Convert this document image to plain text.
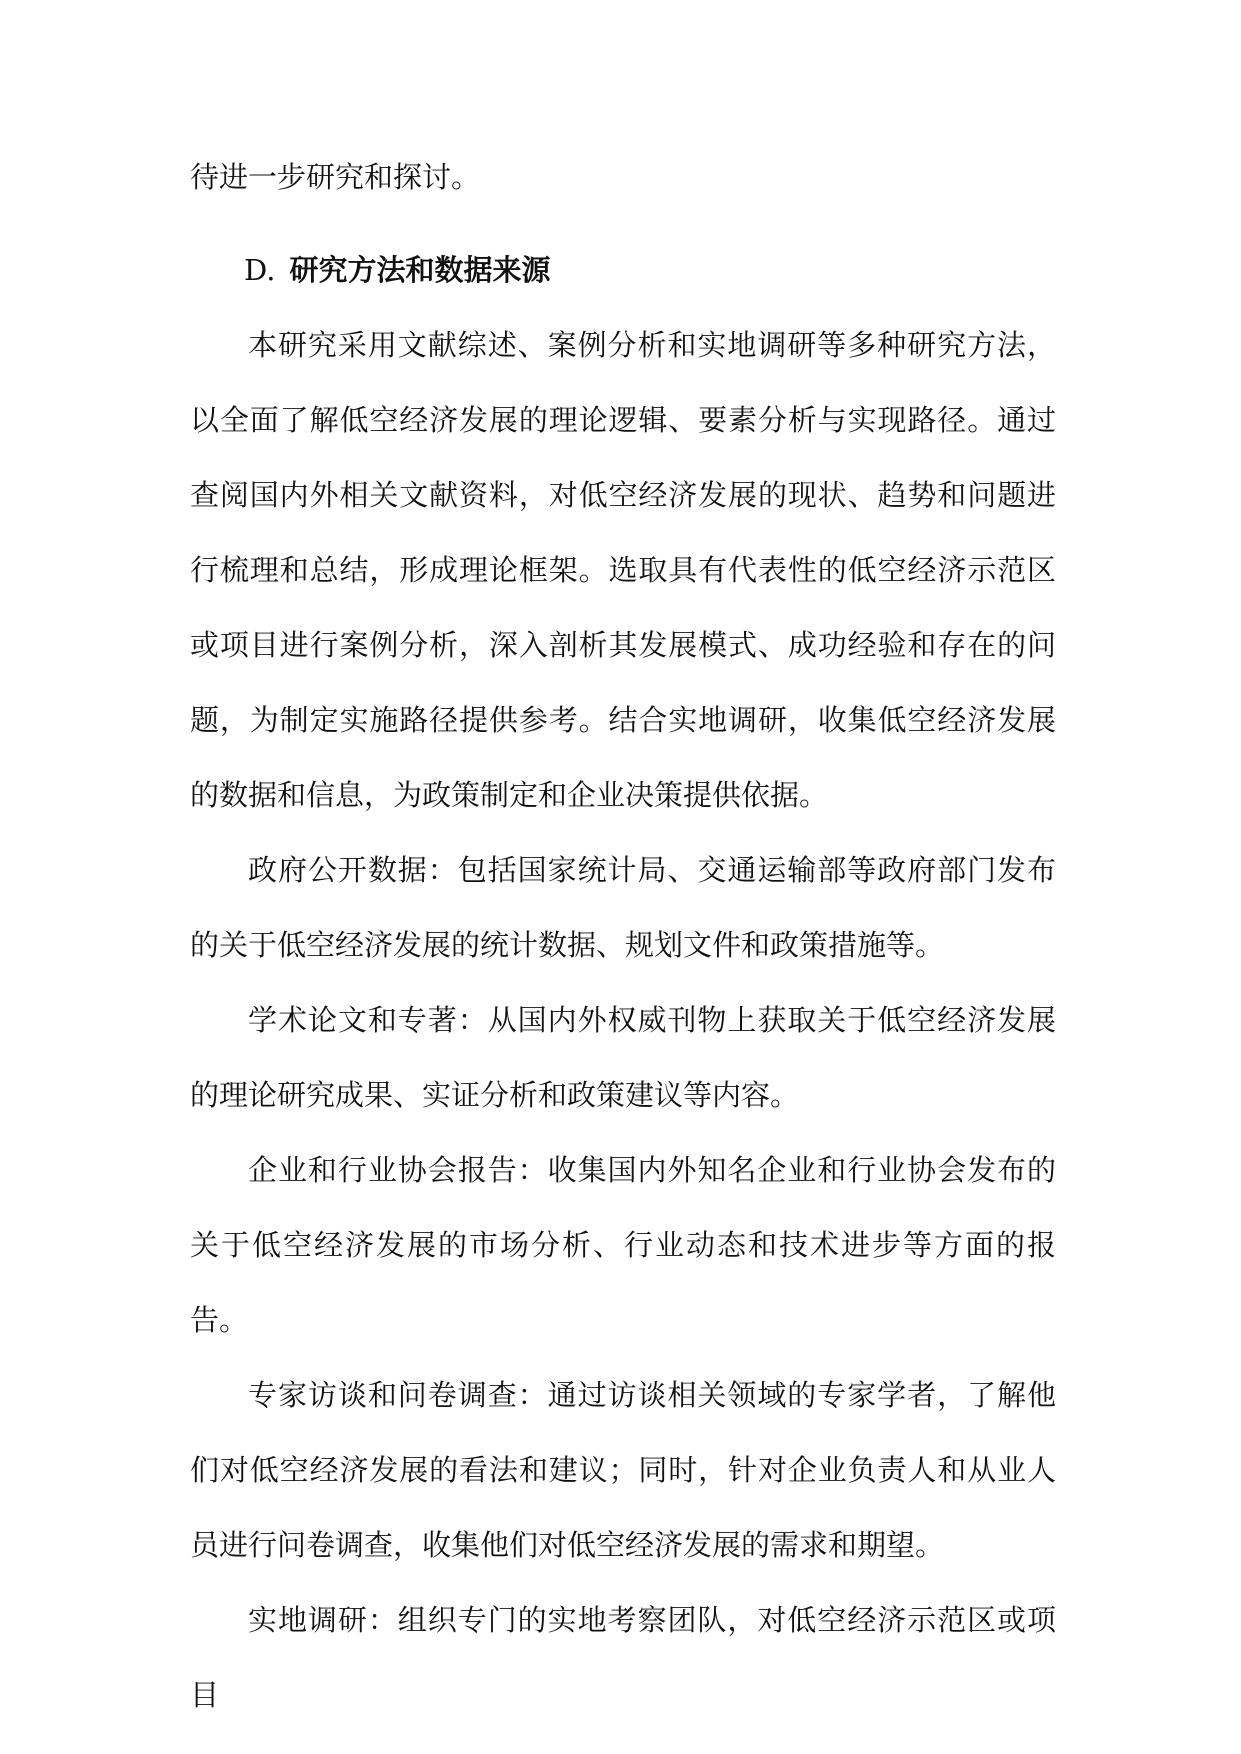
待进一步研究和探讨。

D. 研究方法和数据来源

本研究采用文献综述、案例分析和实地调研等多种研究方法，以全面了解低空经济发展的理论逻辑、要素分析与实现路径。通过查阅国内外相关文献资料，对低空经济发展的现状、趋势和问题进行梳理和总结，形成理论框架。选取具有代表性的低空经济示范区或项目进行案例分析，深入剖析其发展模式、成功经验和存在的问题，为制定实施路径提供参考。结合实地调研，收集低空经济发展的数据和信息，为政策制定和企业决策提供依据。

政府公开数据：包括国家统计局、交通运输部等政府部门发布的关于低空经济发展的统计数据、规划文件和政策措施等。

学术论文和专著：从国内外权威刊物上获取关于低空经济发展的理论研究成果、实证分析和政策建议等内容。

企业和行业协会报告：收集国内外知名企业和行业协会发布的关于低空经济发展的市场分析、行业动态和技术进步等方面的报告。

专家访谈和问卷调查：通过访谈相关领域的专家学者，了解他们对低空经济发展的看法和建议；同时，针对企业负责人和从业人员进行问卷调查，收集他们对低空经济发展的需求和期望。

实地调研：组织专门的实地考察团队，对低空经济示范区或项目
